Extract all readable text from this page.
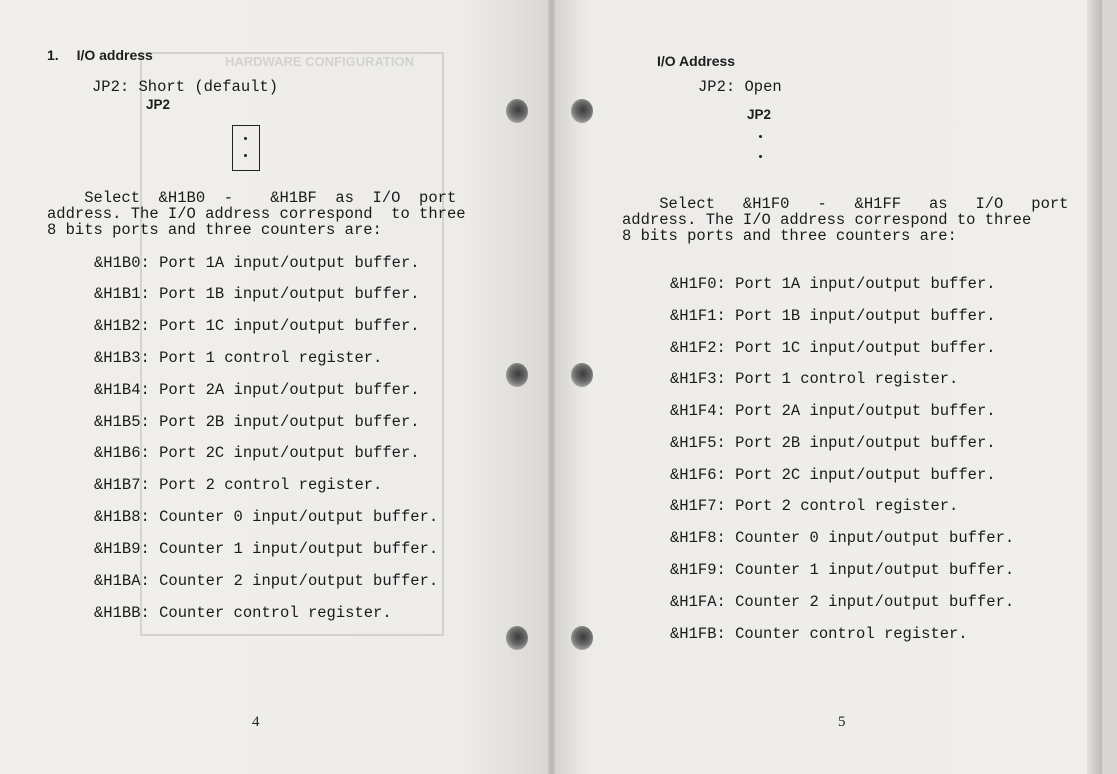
HARDWARE CONFIGURATION
1. I/O address
JP2: Short (default)
JP2
Select  &H1B0  -    &H1BF  as  I/O  port
address. The I/O address correspond  to three
8 bits ports and three counters are:
&H1B0: Port 1A input/output buffer.
&H1B1: Port 1B input/output buffer.
&H1B2: Port 1C input/output buffer.
&H1B3: Port 1 control register.
&H1B4: Port 2A input/output buffer.
&H1B5: Port 2B input/output buffer.
&H1B6: Port 2C input/output buffer.
&H1B7: Port 2 control register.
&H1B8: Counter 0 input/output buffer.
&H1B9: Counter 1 input/output buffer.
&H1BA: Counter 2 input/output buffer.
&H1BB: Counter control register.
4
I/O Address
JP2: Open
JP2
Select   &H1F0   -   &H1FF   as   I/O   port
address. The I/O address correspond to three
8 bits ports and three counters are:
&H1F0: Port 1A input/output buffer.
&H1F1: Port 1B input/output buffer.
&H1F2: Port 1C input/output buffer.
&H1F3: Port 1 control register.
&H1F4: Port 2A input/output buffer.
&H1F5: Port 2B input/output buffer.
&H1F6: Port 2C input/output buffer.
&H1F7: Port 2 control register.
&H1F8: Counter 0 input/output buffer.
&H1F9: Counter 1 input/output buffer.
&H1FA: Counter 2 input/output buffer.
&H1FB: Counter control register.
5
